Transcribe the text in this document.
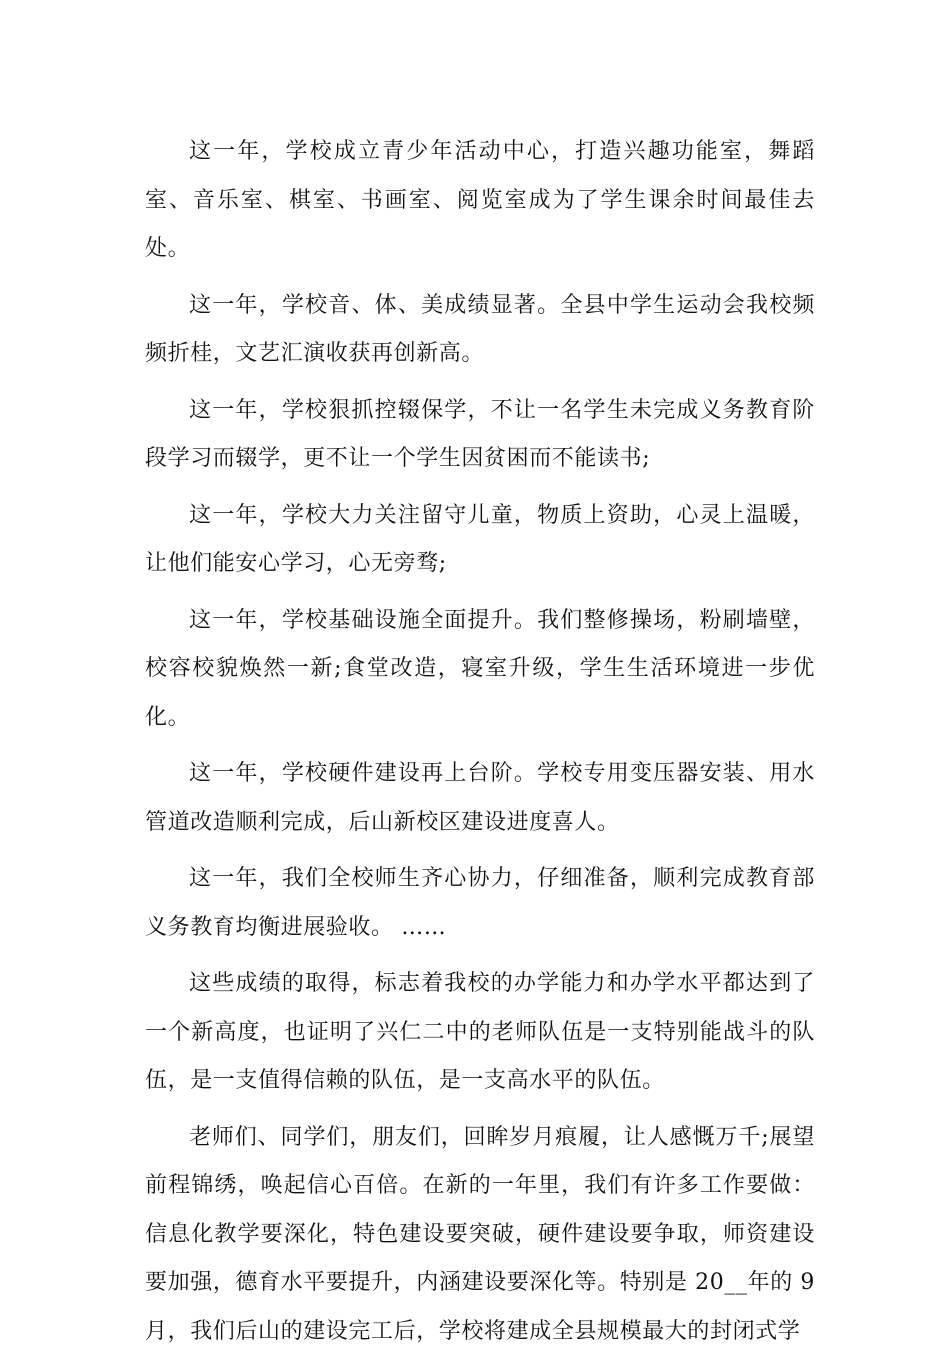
这一年，学校成立青少年活动中心，打造兴趣功能室，舞蹈室、音乐室、棋室、书画室、阅览室成为了学生课余时间最佳去处。

这一年，学校音、体、美成绩显著。全县中学生运动会我校频频折桂，文艺汇演收获再创新高。

这一年，学校狠抓控辍保学，不让一名学生未完成义务教育阶段学习而辍学，更不让一个学生因贫困而不能读书;

这一年，学校大力关注留守儿童，物质上资助，心灵上温暖，让他们能安心学习，心无旁骛;

这一年，学校基础设施全面提升。我们整修操场，粉刷墙壁，校容校貌焕然一新;食堂改造，寝室升级，学生生活环境进一步优化。

这一年，学校硬件建设再上台阶。学校专用变压器安装、用水管道改造顺利完成，后山新校区建设进度喜人。

这一年，我们全校师生齐心协力，仔细准备，顺利完成教育部义务教育均衡进展验收。 ……

这些成绩的取得，标志着我校的办学能力和办学水平都达到了一个新高度，也证明了兴仁二中的老师队伍是一支特别能战斗的队伍，是一支值得信赖的队伍，是一支高水平的队伍。

老师们、同学们，朋友们，回眸岁月痕履，让人感慨万千;展望前程锦绣，唤起信心百倍。在新的一年里，我们有许多工作要做：信息化教学要深化，特色建设要突破，硬件建设要争取，师资建设要加强，德育水平要提升，内涵建设要深化等。特别是 20__年的 9 月，我们后山的建设完工后，学校将建成全县规模最大的封闭式学
